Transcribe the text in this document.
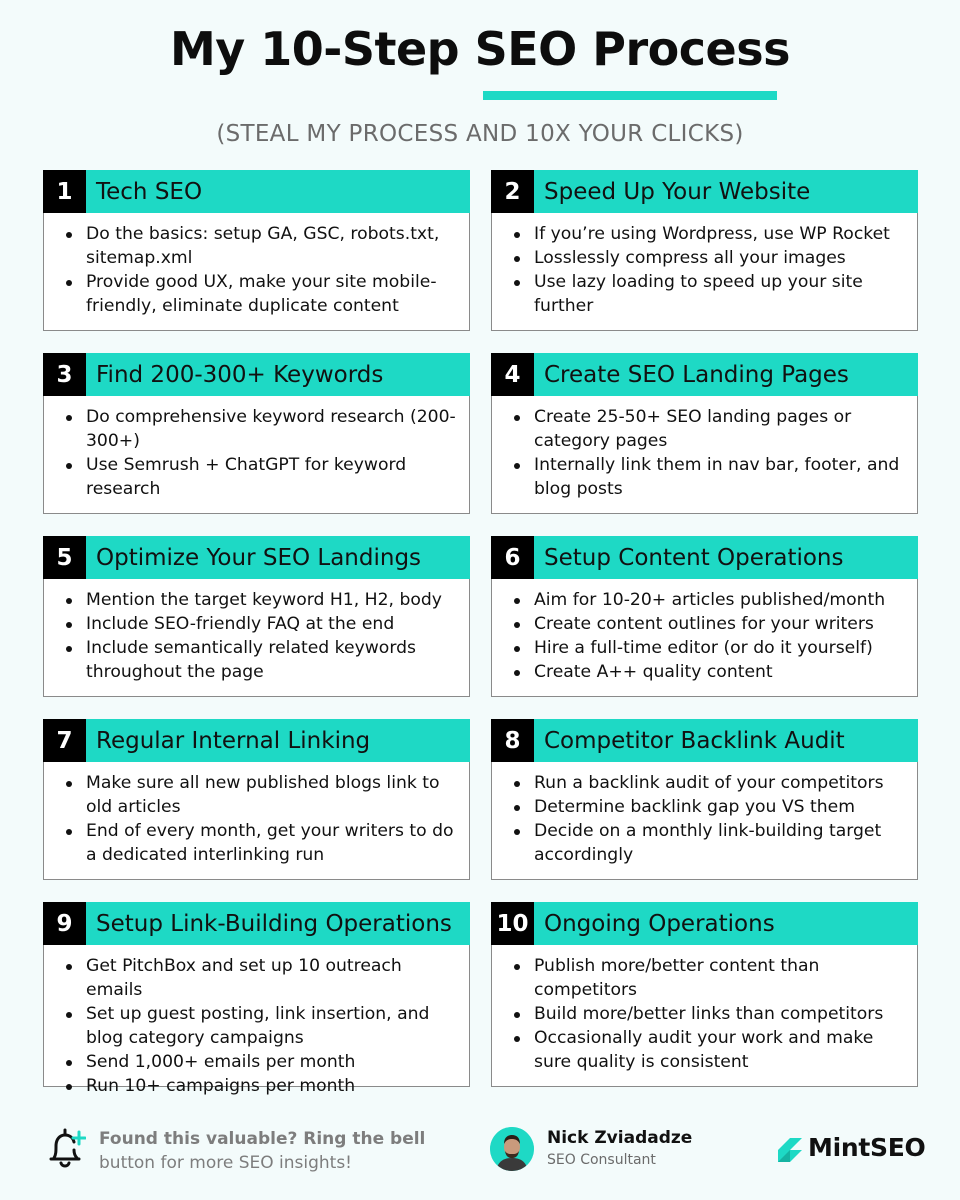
My 10-Step SEO Process
(STEAL MY PROCESS AND 10X YOUR CLICKS)
1	Tech SEO
Do the basics: setup GA, GSC, robots.txt, sitemap.xml
Provide good UX, make your site mobile-friendly, eliminate duplicate content
2	Speed Up Your Website
If you’re using Wordpress, use WP Rocket
Losslessly compress all your images
Use lazy loading to speed up your site further
3	Find 200-300+ Keywords
Do comprehensive keyword research (200-300+)
Use Semrush + ChatGPT for keyword research
4	Create SEO Landing Pages
Create 25-50+ SEO landing pages or category pages
Internally link them in nav bar, footer, and blog posts
5	Optimize Your SEO Landings
Mention the target keyword H1, H2, body
Include SEO-friendly FAQ at the end
Include semantically related keywords throughout the page
6	Setup Content Operations
Aim for 10-20+ articles published/month
Create content outlines for your writers
Hire a full-time editor (or do it yourself)
Create A++ quality content
7	Regular Internal Linking
Make sure all new published blogs link to old articles
End of every month, get your writers to do a dedicated interlinking run
8	Competitor Backlink Audit
Run a backlink audit of your competitors
Determine backlink gap you VS them
Decide on a monthly link-building target accordingly
9	Setup Link-Building Operations
Get PitchBox and set up 10 outreach emails
Set up guest posting, link insertion, and blog category campaigns
Send 1,000+ emails per month
Run 10+ campaigns per month
10 Ongoing Operations
Publish more/better content than competitors
Build more/better links than competitors
Occasionally audit your work and make sure quality is consistent
Found this valuable? Ring the bell
button for more SEO insights!
Nick Zviadadze
SEO Consultant	MintSEO
